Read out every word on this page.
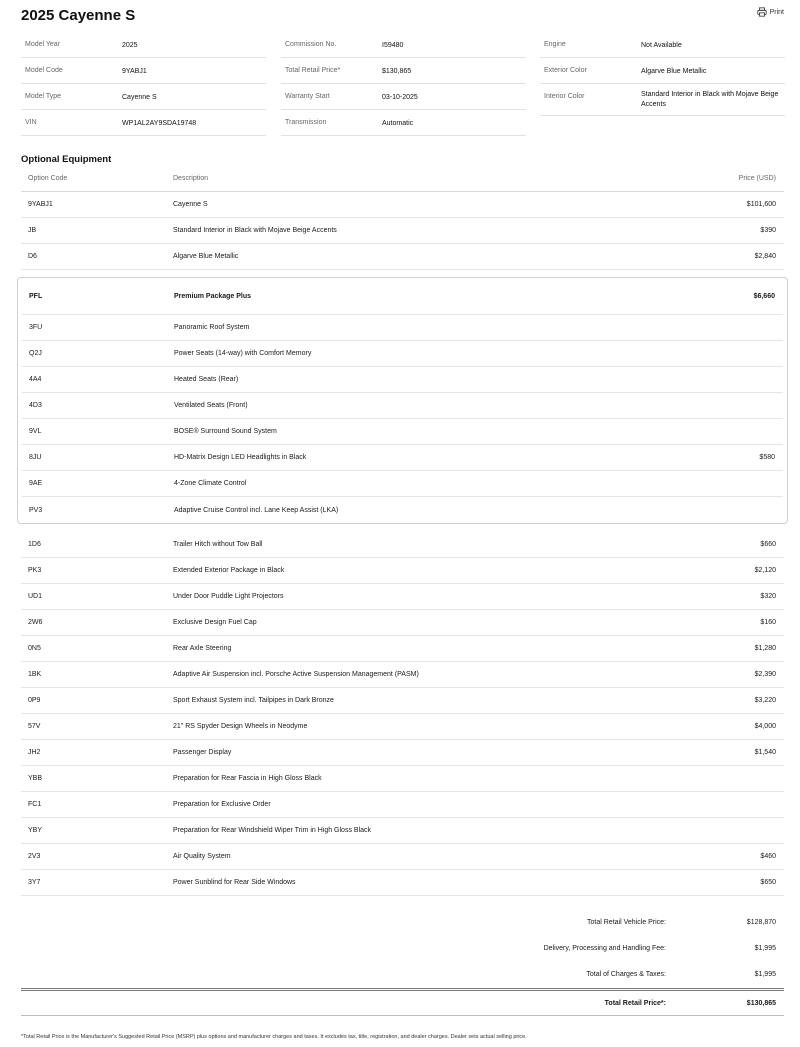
2025 Cayenne S	Print
Model Year	2025
Model Code	9YABJ1
Model Type	Cayenne S
VIN	WP1AL2AY9SDA19748
Commission No.	I59480
Total Retail Price*	$130,865
Warranty Start	03-10-2025
Transmission	Automatic
Engine	Not Available
Exterior Color	Algarve Blue Metallic
Interior Color	Standard Interior in Black with Mojave Beige Accents
Optional Equipment
Option Code	Description	Price (USD)
9YABJ1	Cayenne S	$101,600
JB	Standard Interior in Black with Mojave Beige Accents	$390
D6	Algarve Blue Metallic	$2,840
PFL	Premium Package Plus	$6,660
3FU	Panoramic Roof System
Q2J	Power Seats (14-way) with Comfort Memory
4A4	Heated Seats (Rear)
4D3	Ventilated Seats (Front)
9VL	BOSE® Surround Sound System
8JU	HD-Matrix Design LED Headlights in Black	$580
9AE	4-Zone Climate Control
PV3	Adaptive Cruise Control incl. Lane Keep Assist (LKA)
1D6	Trailer Hitch without Tow Ball	$660
PK3	Extended Exterior Package in Black	$2,120
UD1	Under Door Puddle Light Projectors	$320
2W6	Exclusive Design Fuel Cap	$160
0N5	Rear Axle Steering	$1,280
1BK	Adaptive Air Suspension incl. Porsche Active Suspension Management (PASM)	$2,390
0P9	Sport Exhaust System incl. Tailpipes in Dark Bronze	$3,220
57V	21" RS Spyder Design Wheels in Neodyme	$4,000
JH2	Passenger Display	$1,540
YBB	Preparation for Rear Fascia in High Gloss Black
FC1	Preparation for Exclusive Order
YBY	Preparation for Rear Windshield Wiper Trim in High Gloss Black
2V3	Air Quality System	$460
3Y7	Power Sunblind for Rear Side Windows	$650
Total Retail Vehicle Price:	$128,870
Delivery, Processing and Handling Fee:	$1,995
Total of Charges & Taxes:	$1,995
Total Retail Price*:	$130,865
*Total Retail Price is the Manufacturer's Suggested Retail Price (MSRP) plus options and manufacturer charges and taxes. It excludes tax, title, registration, and dealer charges. Dealer sets actual selling price.
